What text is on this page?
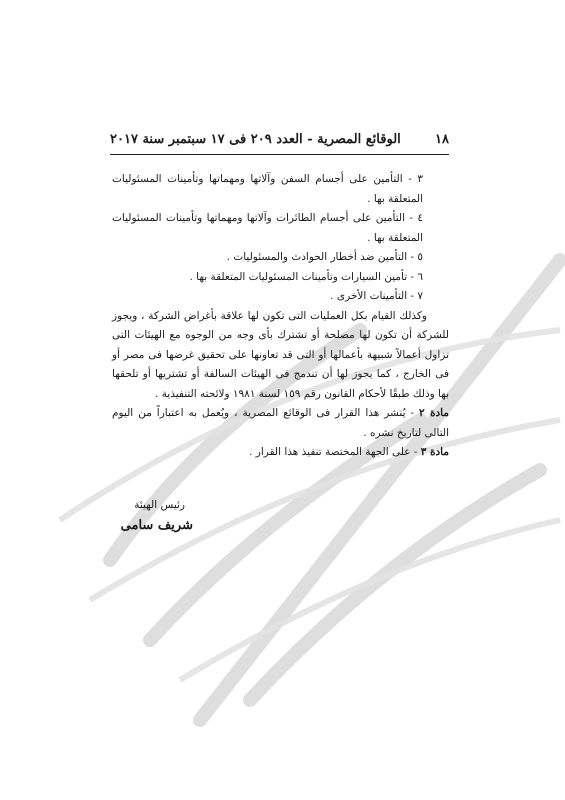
١٨
الوقائع المصرية - العدد ٢٠٩ فى ١٧ سبتمبر سنة ٢٠١٧
٣ - التأمين على أجسام السفن وآلاتها ومهماتها وتأمينات المسئوليات المتعلقة بها .
٤ - التأمين على أجسام الطائرات وآلاتها ومهماتها وتأمينات المسئوليات المتعلقة بها .
٥ - التأمين ضد أخطار الحوادث والمسئوليات .
٦ - تأمين السيارات وتأمينات المسئوليات المتعلقة بها .
٧ - التأمينات الأخرى .
وكذلك القيام بكل العمليات التى تكون لها علاقة بأغراض الشركة ، ويجوز للشركة أن تكون لها مصلحة أو تشترك بأى وجه من الوجوه مع الهيئات التى تزاول أعمالاً شبيهة بأعمالها أو التى قد تعاونها على تحقيق غرضها فى مصر أو فى الخارج ، كما يجوز لها أن تندمج فى الهيئات السالفة أو تشتريها أو تلحقها بها وذلك طبقًا لأحكام القانون رقم ١٥٩ لسنة ١٩٨١ ولائحته التنفيذية .
مادة ٢ - يُنشر هذا القرار فى الوقائع المصرية ، ويُعمل به اعتباراً من اليوم التالى لتاريخ نشره .
مادة ٣ - على الجهة المختصة تنفيذ هذا القرار .
رئيس الهيئة
شريف سامى
